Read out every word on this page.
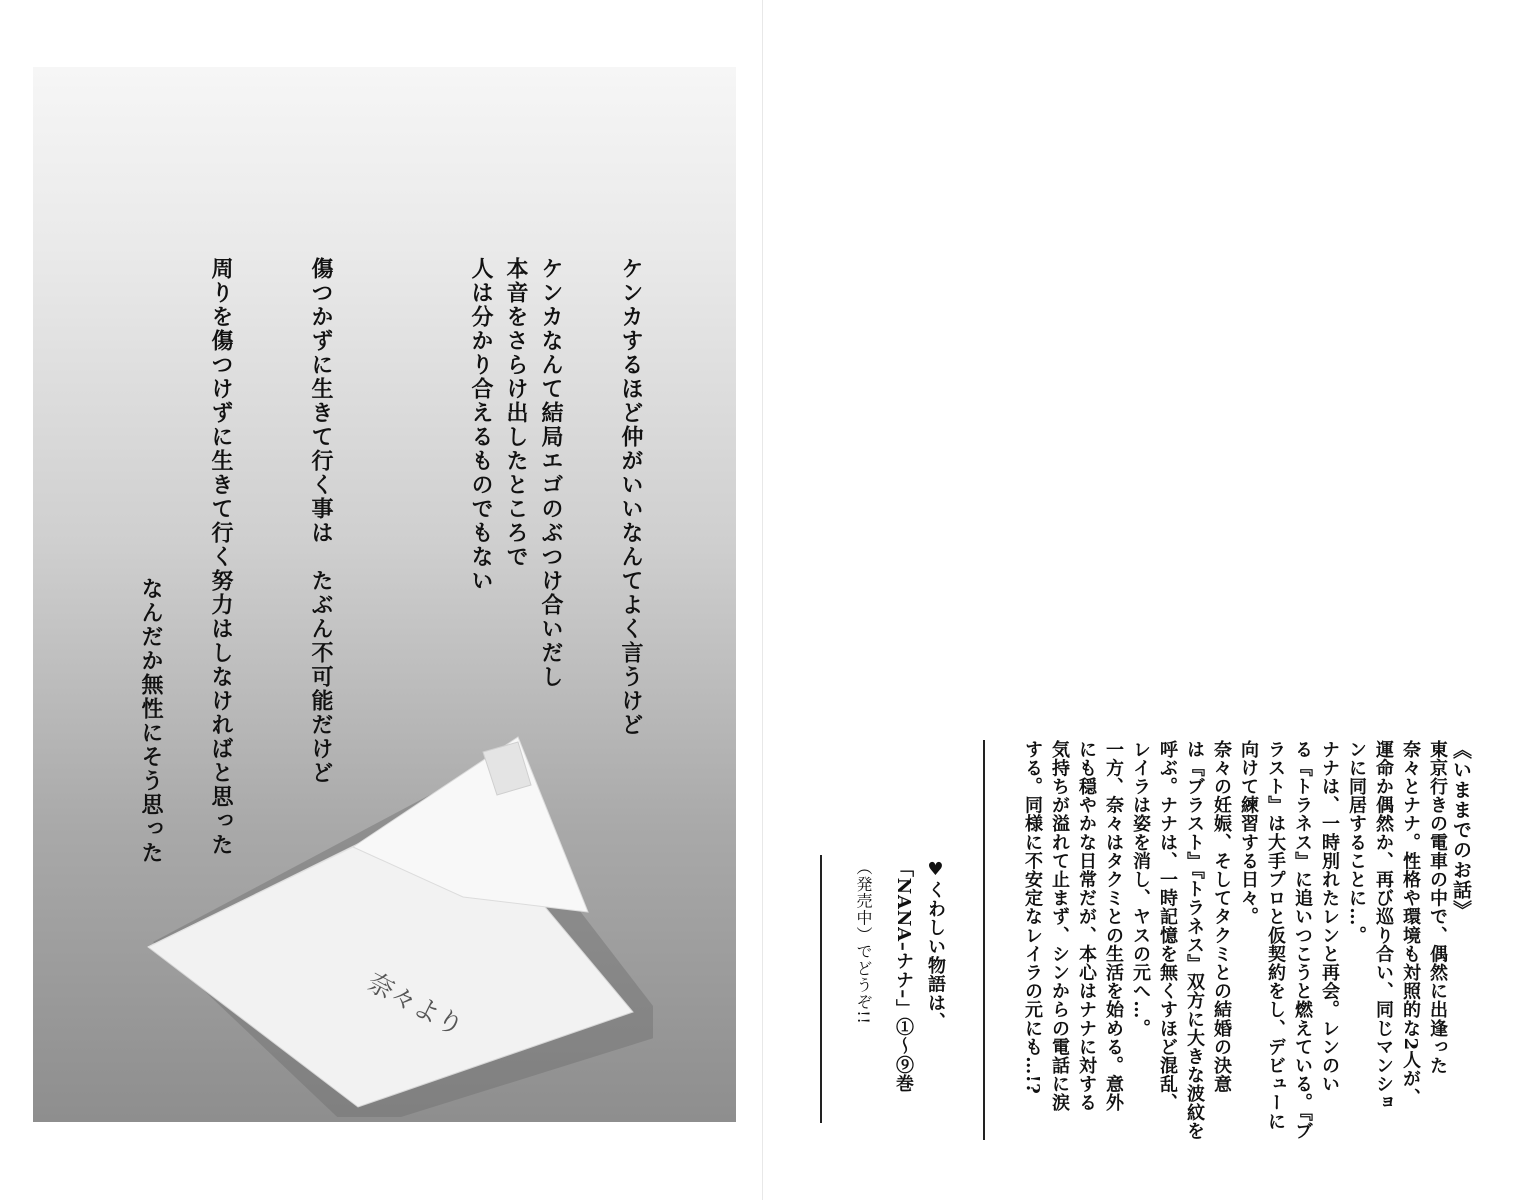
ケンカするほど仲がいいなんてよく言うけど
ケンカなんて結局エゴのぶつけ合いだし
本音をさらけ出したところで
人は分かり合えるものでもない
傷つかずに生きて行く事は　たぶん不可能だけど
周りを傷つけずに生きて行く努力はしなければと思った
なんだか無性にそう思った
奈々より
《いままでのお話》
東京行きの電車の中で、偶然に出逢った
奈々とナナ。性格や環境も対照的な2人が、
運命か偶然か、再び巡り合い、同じマンショ
ンに同居することに…。
ナナは、一時別れたレンと再会。レンのい
る『トラネス』に追いつこうと燃えている。『ブ
ラスト』は大手プロと仮契約をし、デビューに
向けて練習する日々。
奈々の妊娠、そしてタクミとの結婚の決意
は『ブラスト』『トラネス』双方に大きな波紋を
呼ぶ。ナナは、一時記憶を無くすほど混乱、
レイラは姿を消し、ヤスの元へ…。
一方、奈々はタクミとの生活を始める。意外
にも穏やかな日常だが、本心はナナに対する
気持ちが溢れて止まず、シンからの電話に涙
する。同様に不安定なレイラの元にも…!?
♥くわしい物語は、
「NANA–ナナ–」①～⑨巻
（発売中）でどうぞ!!
